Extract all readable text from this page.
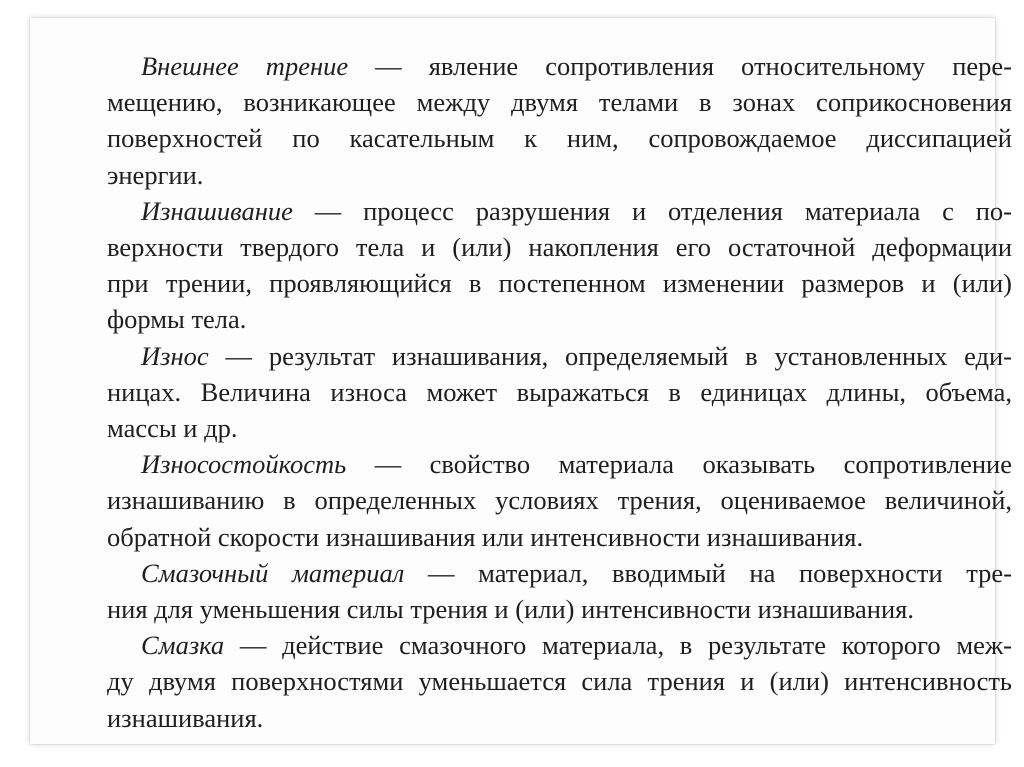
Внешнее трение — явление сопротивления относительному пере-
мещению, возникающее между двумя телами в зонах соприкосновения
поверхностей по касательным к ним, сопровождаемое диссипацией
энергии.
Изнашивание — процесс разрушения и отделения материала с по-
верхности твердого тела и (или) накопления его остаточной деформации
при трении, проявляющийся в постепенном изменении размеров и (или)
формы тела.
Износ — результат изнашивания, определяемый в установленных еди-
ницах. Величина износа может выражаться в единицах длины, объема,
массы и др.
Износостойкость — свойство материала оказывать сопротивление
изнашиванию в определенных условиях трения, оцениваемое величиной,
обратной скорости изнашивания или интенсивности изнашивания.
Смазочный материал — материал, вводимый на поверхности тре-
ния для уменьшения силы трения и (или) интенсивности изнашивания.
Смазка — действие смазочного материала, в результате которого меж-
ду двумя поверхностями уменьшается сила трения и (или) интенсивность
изнашивания.
